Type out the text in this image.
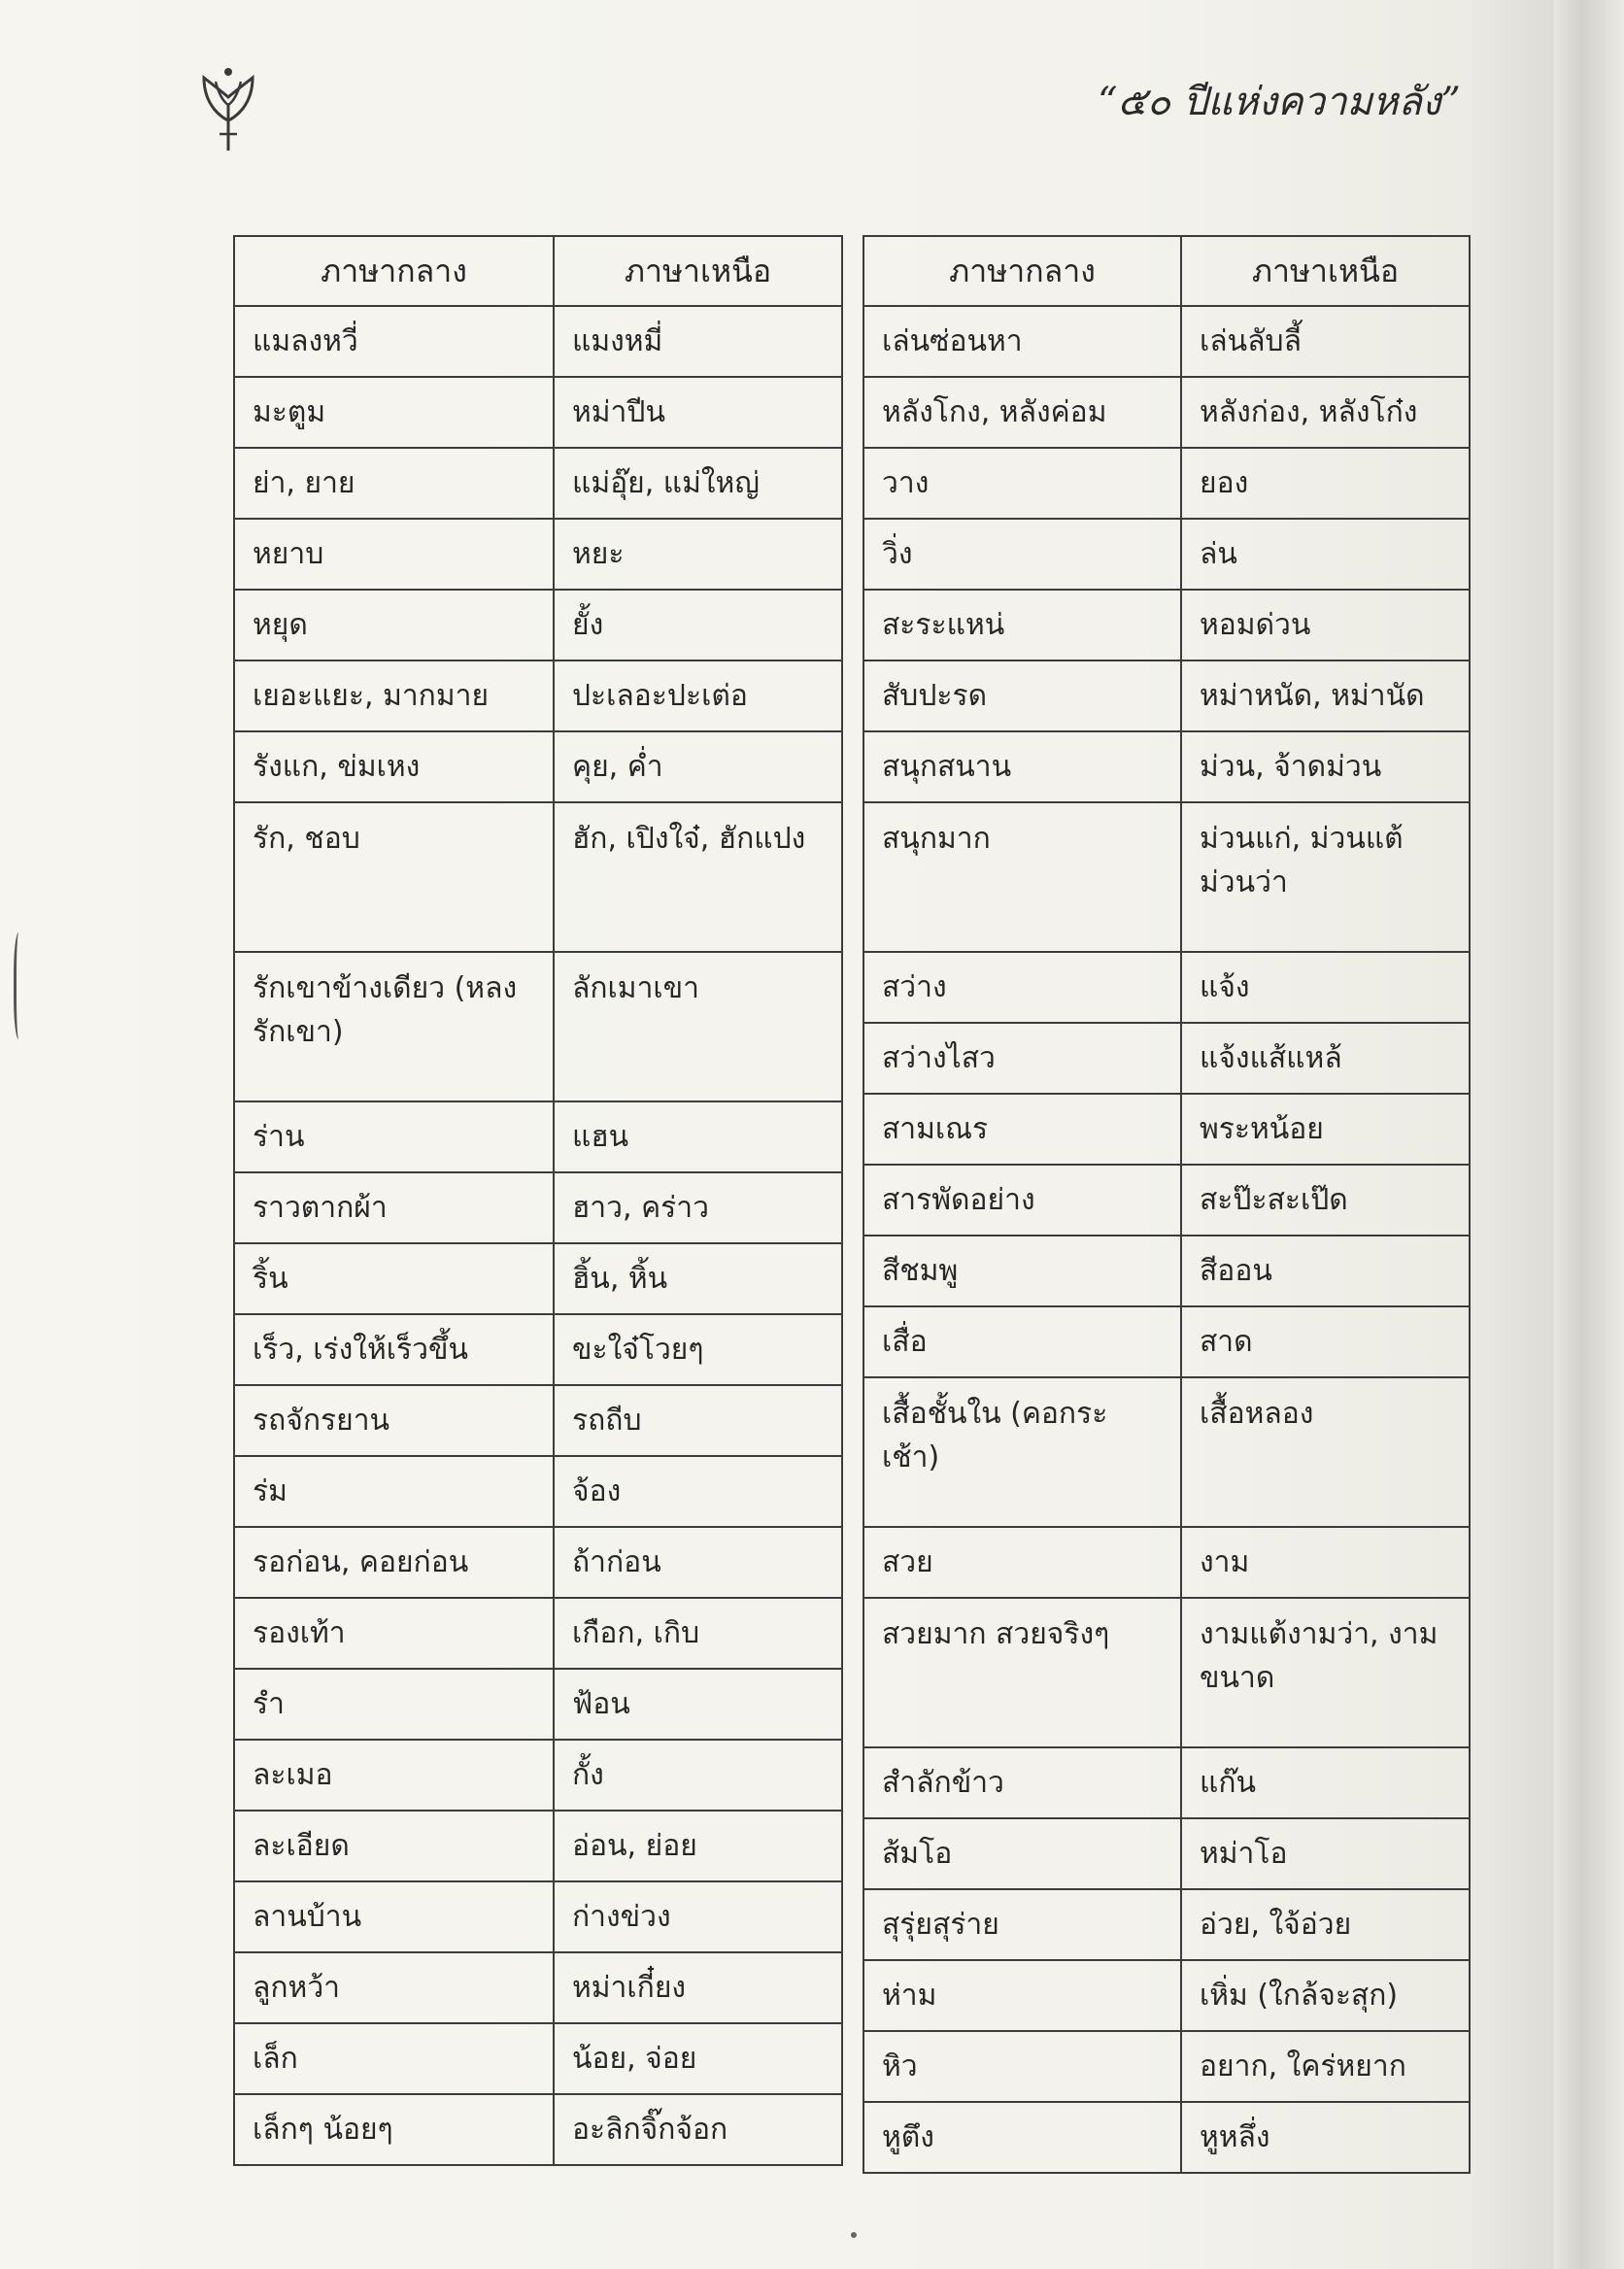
“๕๐ ปีแห่งความหลัง”
ภาษากลาง	ภาษาเหนือ
แมลงหวี่	แมงหมี่
มะตูม	หม่าปีน
ย่า, ยาย	แม่อุ๊ย, แม่ใหญ่
หยาบ	หยะ
หยุด	ยั้ง
เยอะแยะ, มากมาย	ปะเลอะปะเต่อ
รังแก, ข่มเหง	คุย, ค่ำ
รัก, ชอบ	ฮัก, เปิงใจ๋, ฮักแปง
รักเขาข้างเดียว (หลงรักเขา)	ลักเมาเขา
ร่าน	แฮน
ราวตากผ้า	ฮาว, คร่าว
ริ้น	ฮิ้น, หิ้น
เร็ว, เร่งให้เร็วขึ้น	ขะใจ๋โวยๆ
รถจักรยาน	รถถีบ
ร่ม	จ้อง
รอก่อน, คอยก่อน	ถ้าก่อน
รองเท้า	เกือก, เกิบ
รำ	ฟ้อน
ละเมอ	กั้ง
ละเอียด	อ่อน, ย่อย
ลานบ้าน	ก่างข่วง
ลูกหว้า	หม่าเกี๋ยง
เล็ก	น้อย, จ่อย
เล็กๆ น้อยๆ	อะลิกจิ๊กจ้อก
ภาษากลาง	ภาษาเหนือ
เล่นซ่อนหา	เล่นลับลี้
หลังโกง, หลังค่อม	หลังก่อง, หลังโก๋ง
วาง	ยอง
วิ่ง	ล่น
สะระแหน่	หอมด่วน
สับปะรด	หม่าหนัด, หม่านัด
สนุกสนาน	ม่วน, จ้าดม่วน
สนุกมาก	ม่วนแก่, ม่วนแต้ม่วนว่า
สว่าง	แจ้ง
สว่างไสว	แจ้งแส้แหล้
สามเณร	พระหน้อย
สารพัดอย่าง	สะป๊ะสะเป๊ด
สีชมพู	สีออน
เสื่อ	สาด
เสื้อชั้นใน (คอกระเช้า)	เสื้อหลอง
สวย	งาม
สวยมาก สวยจริงๆ	งามแต้งามว่า, งามขนาด
สำลักข้าว	แก๊น
ส้มโอ	หม่าโอ
สุรุ่ยสุร่าย	อ่วย, ใจ้อ่วย
ห่าม	เหิ่ม (ใกล้จะสุก)
หิว	อยาก, ใคร่หยาก
หูตึง	หูหลึ่ง
